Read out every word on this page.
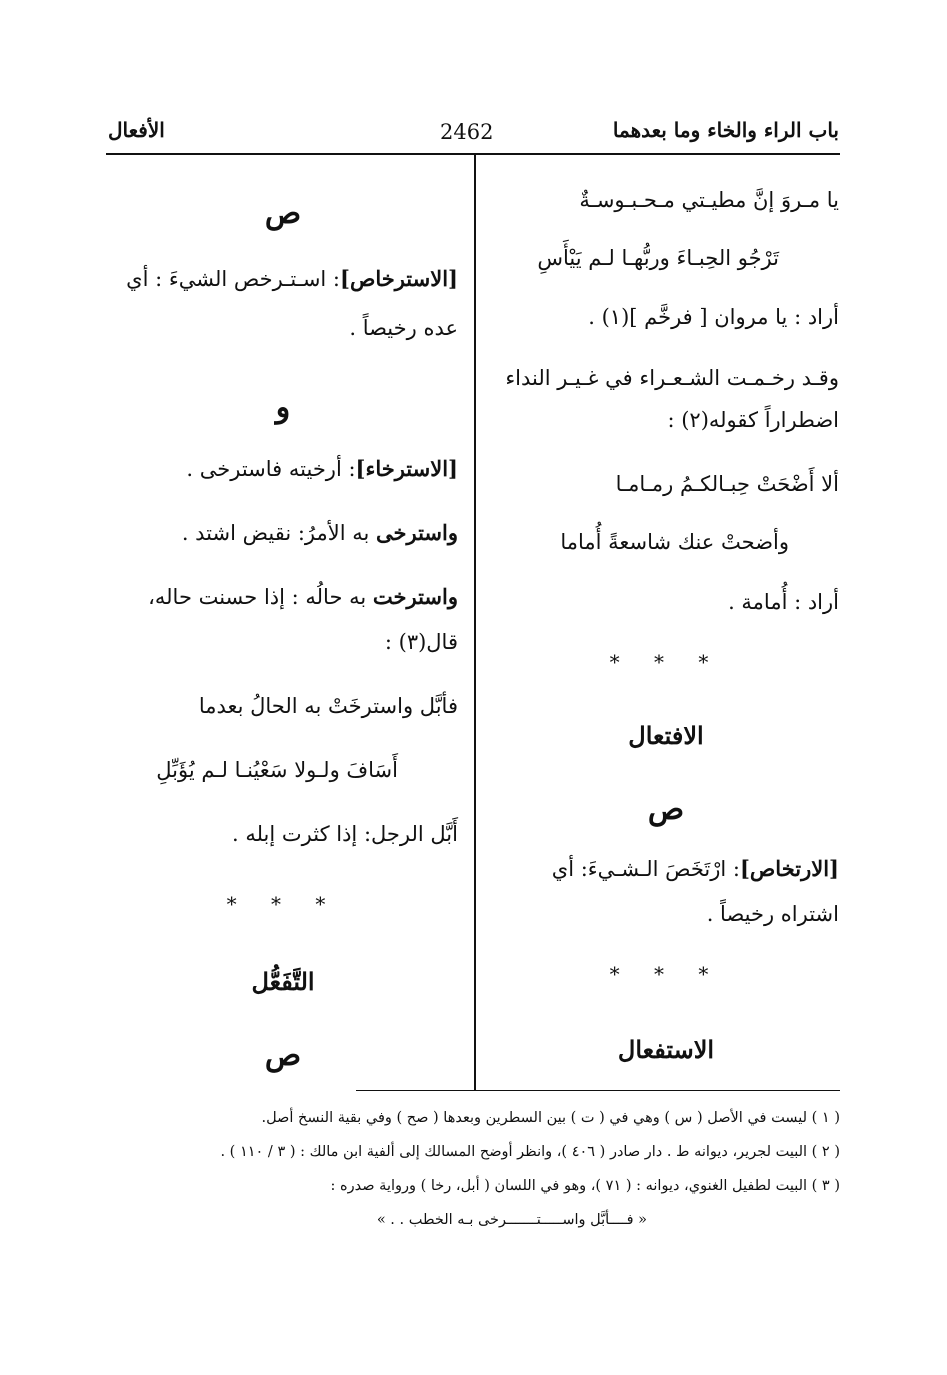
باب الراء والخاء وما بعدهما
2462
الأفعال
يا مـروَ إنَّ مطيـتي مـحـبـوسـةٌ
تَرْجُو الحِبـاءَ وربُّهـا لـم يَيْأَسِ
أراد : يا مروان [ فرخَّم ](١) .
وقـد رخـمـت الشـعـراء في غـيـر النداء
اضطراراً كقوله(٢) :
ألا أَضْحَتْ حِبـالكـمُ رمـامـا
وأضحتْ عنك شاسعةً أُماما
أراد : أُمامة .
* * *
الافتعال
ص
[الارتخاص]: ارْتَخَصَ الـشـيءَ: أي
اشتراه رخيصاً .
* * *
الاستفعال
ص
[الاسترخاص]: اسـتـرخص الشيءَ : أي
عده رخيصاً .
و
[الاسترخاء]: أرخيته فاسترخى .
واسترخى به الأمرُ: نقيض اشتد .
واسترخت به حالُه : إذا حسنت حاله،
قال(٣) :
فأبَّل واسترخَتْ به الحالُ بعدما
أَسَافَ ولـولا سَعْيُنـا لـم يُؤَبِّلِ
أَبَّل الرجل: إذا كثرت إبله .
* * *
التَّفَعُّل
ص
( ١ ) ليست في الأصل ( س ) وهي في ( ت ) بين السطرين وبعدها ( صح ) وفي بقية النسخ أصل.
( ٢ ) البيت لجرير، ديوانه ط . دار صادر ( ٤٠٦ )، وانظر أوضح المسالك إلى ألفية ابن مالك : ( ٣ / ١١٠ ) .
( ٣ ) البيت لطفيل الغنوي، ديوانه : ( ٧١ )، وهو في اللسان ( أبل، رخا ) ورواية صدره :
« فــــأبَّل واســـــتـــــــرخى بـه الخطب . . »
